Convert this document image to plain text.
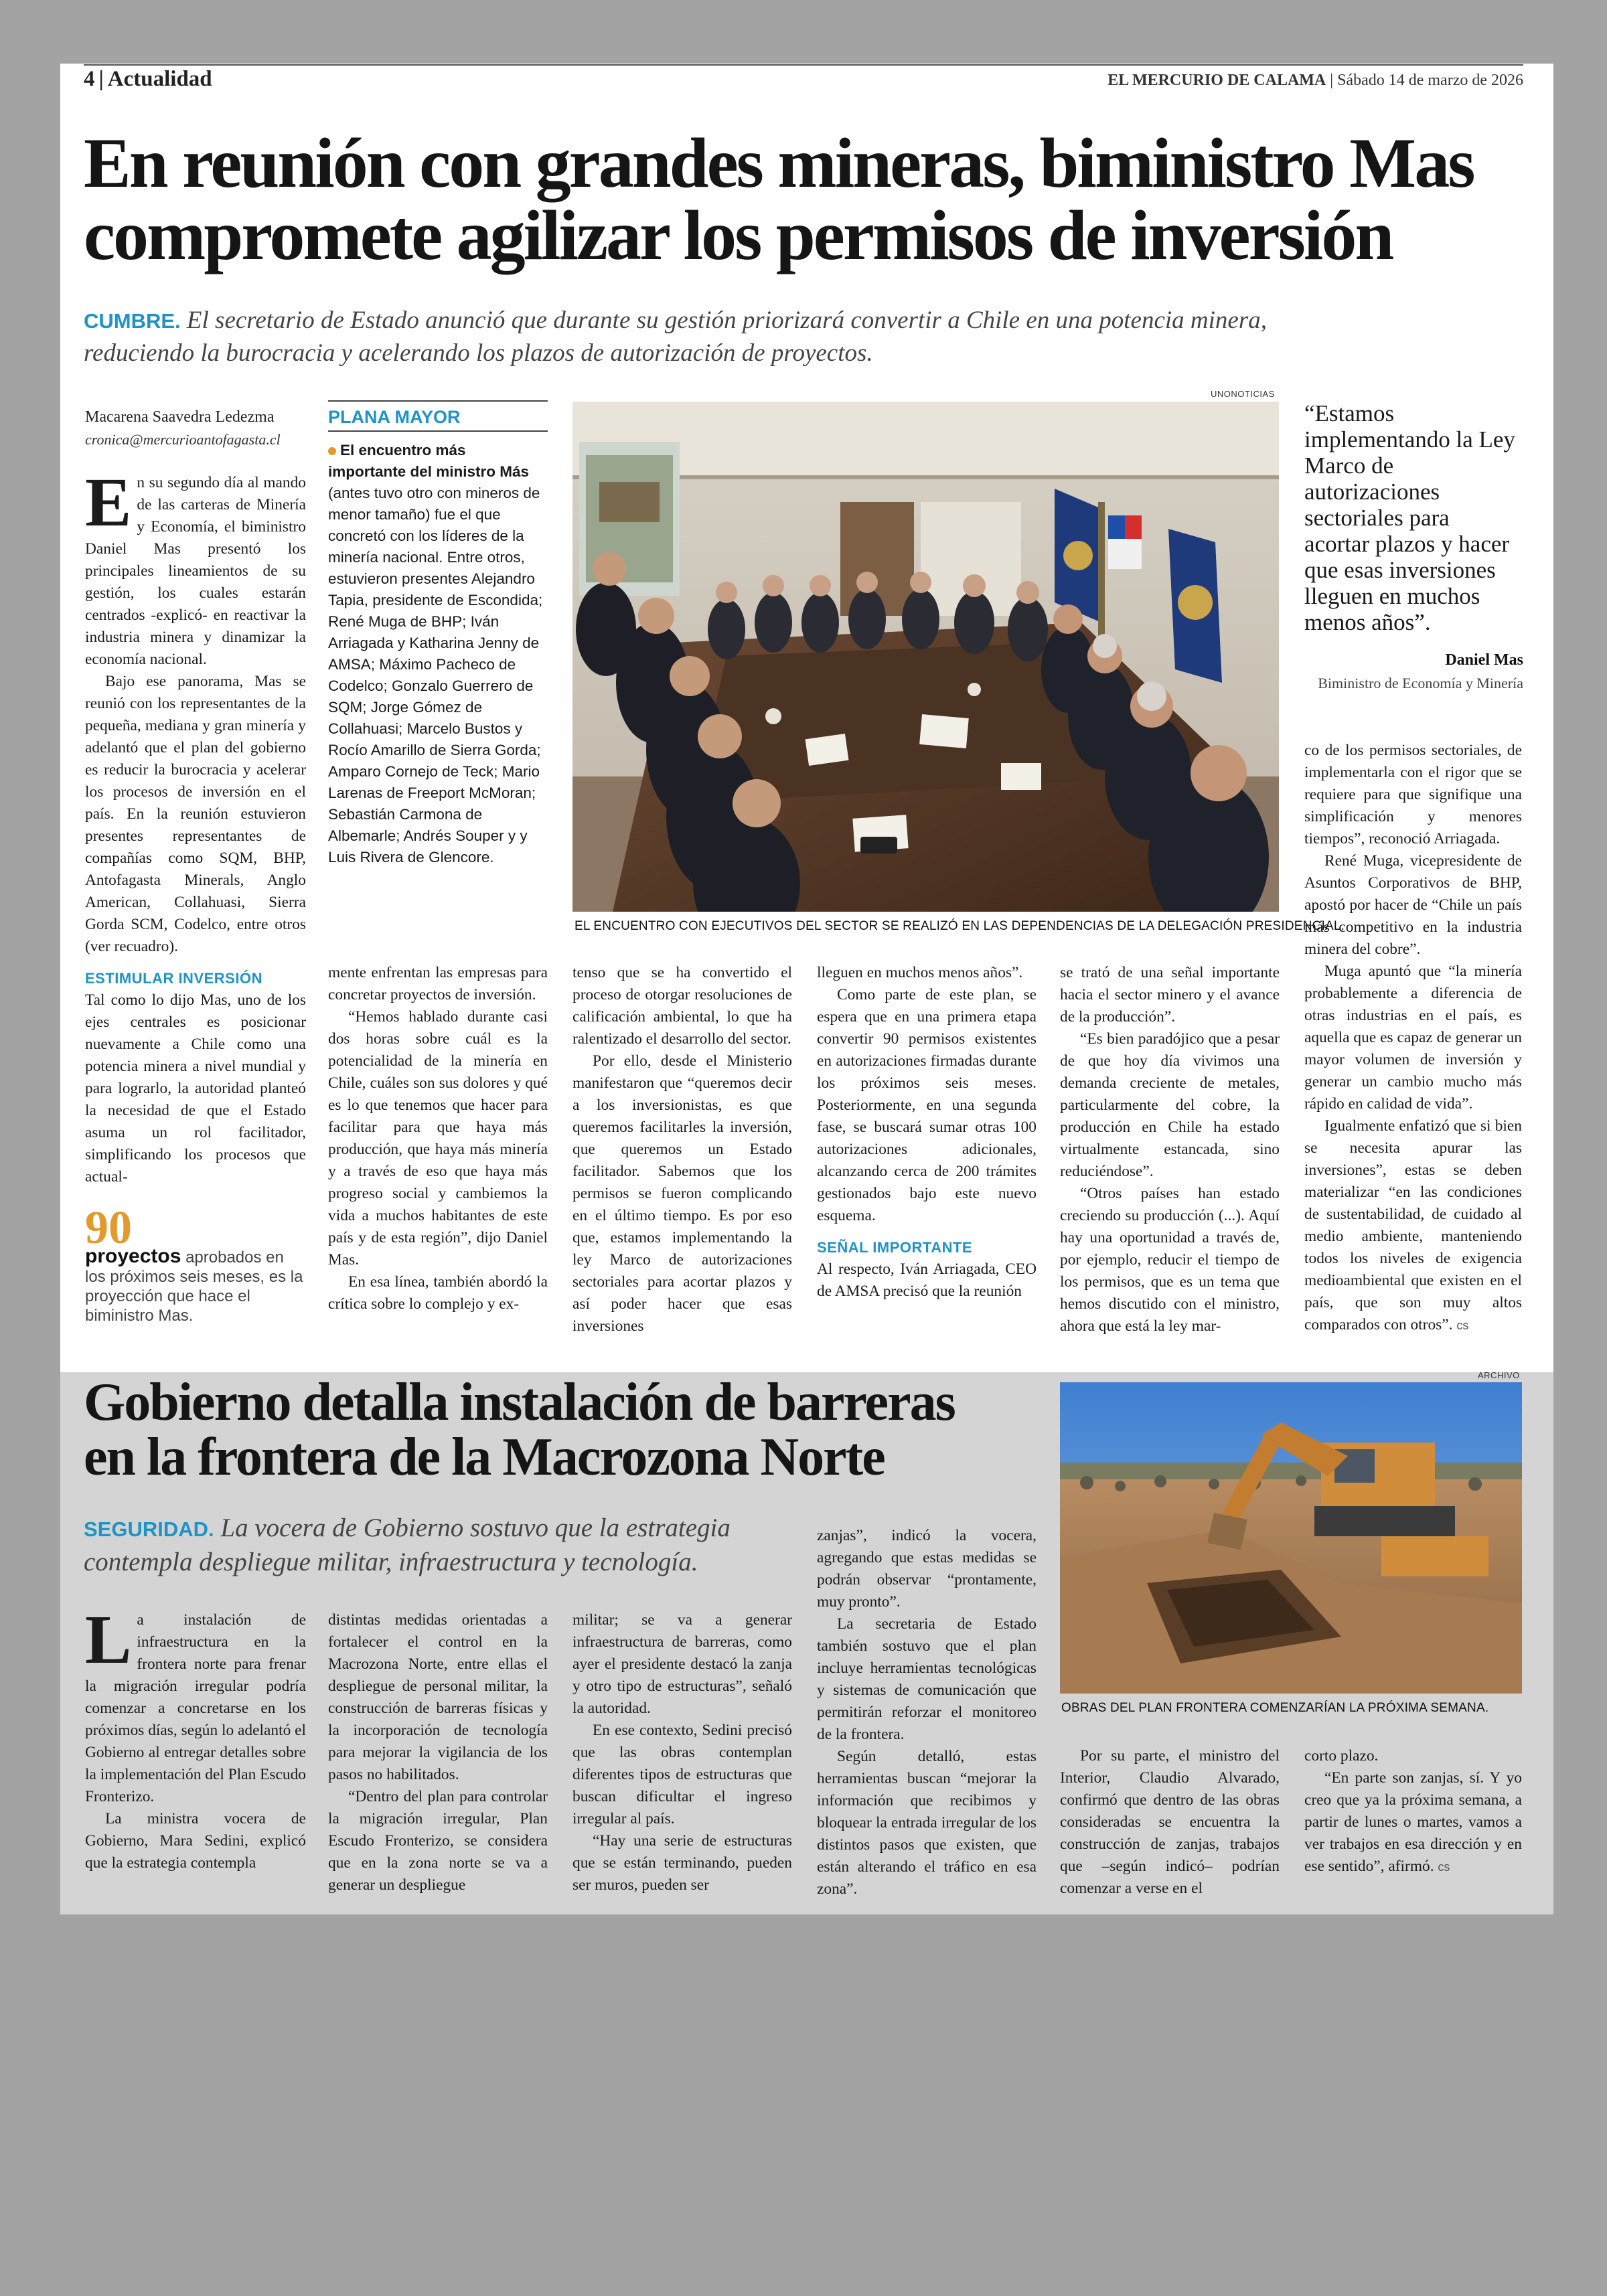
4 | Actualidad	EL MERCURIO DE CALAMA | Sábado 14 de marzo de 2026
En reunión con grandes mineras, biministro Mas
compromete agilizar los permisos de inversión
CUMBRE. El secretario de Estado anunció que durante su gestión priorizará convertir a Chile en una potencia minera,
reduciendo la burocracia y acelerando los plazos de autorización de proyectos.
Macarena Saavedra Ledezma
cronica@mercurioantofagasta.cl

En su segundo día al mando de las carteras de Minería y Economía, el biministro Daniel Mas presentó los principales lineamientos de su gestión, los cuales estarán centrados -explicó- en reactivar la industria minera y dinamizar la economía nacional.

Bajo ese panorama, Mas se reunió con los representantes de la pequeña, mediana y gran minería y adelantó que el plan del gobierno es reducir la burocracia y acelerar los procesos de inversión en el país. En la reunión estuvieron presentes representantes de compañías como SQM, BHP, Antofagasta Minerals, Anglo American, Collahuasi, Sierra Gorda SCM, Codelco, entre otros (ver recuadro).

ESTIMULAR INVERSIÓN

Tal como lo dijo Mas, uno de los ejes centrales es posicionar nuevamente a Chile como una potencia minera a nivel mundial y para lograrlo, la autoridad planteó la necesidad de que el Estado asuma un rol facilitador, simplificando los procesos que actual-

90
proyectos aprobados en los próximos seis meses, es la proyección que hace el biministro Mas.
PLANA MAYOR
El encuentro más importante del ministro Más (antes tuvo otro con mineros de menor tamaño) fue el que concretó con los líderes de la minería nacional. Entre otros, estuvieron presentes Alejandro Tapia, presidente de Escondida; René Muga de BHP; Iván Arriagada y Katharina Jenny de AMSA; Máximo Pacheco de Codelco; Gonzalo Guerrero de SQM; Jorge Gómez de Collahuasi; Marcelo Bustos y Rocío Amarillo de Sierra Gorda; Amparo Cornejo de Teck; Mario Larenas de Freeport McMoran; Sebastián Carmona de Albemarle; Andrés Souper y y Luis Rivera de Glencore.
UNONOTICIAS
EL ENCUENTRO CON EJECUTIVOS DEL SECTOR SE REALIZÓ EN LAS DEPENDENCIAS DE LA DELEGACIÓN PRESIDENCIAL.
“Estamos implementando la Ley Marco de autorizaciones sectoriales para acortar plazos y hacer que esas inversiones lleguen en muchos menos años”.
Daniel Mas
Biministro de Economía y Minería

mente enfrentan las empresas para concretar proyectos de inversión.

“Hemos hablado durante casi dos horas sobre cuál es la potencialidad de la minería en Chile, cuáles son sus dolores y qué es lo que tenemos que hacer para facilitar para que haya más producción, que haya más minería y a través de eso que haya más progreso social y cambiemos la vida a muchos habitantes de este país y de esta región”, dijo Daniel Mas.

En esa línea, también abordó la crítica sobre lo complejo y ex-

tenso que se ha convertido el proceso de otorgar resoluciones de calificación ambiental, lo que ha ralentizado el desarrollo del sector.

Por ello, desde el Ministerio manifestaron que “queremos decir a los inversionistas, es que queremos facilitarles la inversión, que queremos un Estado facilitador. Sabemos que los permisos se fueron complicando en el último tiempo. Es por eso que, estamos implementando la ley Marco de autorizaciones sectoriales para acortar plazos y así poder hacer que esas inversiones

lleguen en muchos menos años”.

Como parte de este plan, se espera que en una primera etapa convertir 90 permisos existentes en autorizaciones firmadas durante los próximos seis meses. Posteriormente, en una segunda fase, se buscará sumar otras 100 autorizaciones adicionales, alcanzando cerca de 200 trámites gestionados bajo este nuevo esquema.

SEÑAL IMPORTANTE

Al respecto, Iván Arriagada, CEO de AMSA precisó que la reunión

se trató de una señal importante hacia el sector minero y el avance de la producción”.

“Es bien paradójico que a pesar de que hoy día vivimos una demanda creciente de metales, particularmente del cobre, la producción en Chile ha estado virtualmente estancada, sino reduciéndose”.

“Otros países han estado creciendo su producción (...). Aquí hay una oportunidad a través de, por ejemplo, reducir el tiempo de los permisos, que es un tema que hemos discutido con el ministro, ahora que está la ley mar-

co de los permisos sectoriales, de implementarla con el rigor que se requiere para que signifique una simplificación y menores tiempos”, reconoció Arriagada.

René Muga, vicepresidente de Asuntos Corporativos de BHP, apostó por hacer de “Chile un país más competitivo en la industria minera del cobre”.

Muga apuntó que “la minería probablemente a diferencia de otras industrias en el país, es aquella que es capaz de generar un mayor volumen de inversión y generar un cambio mucho más rápido en calidad de vida”.

Igualmente enfatizó que si bien se necesita apurar las inversiones”, estas se deben materializar “en las condiciones de sustentabilidad, de cuidado al medio ambiente, manteniendo todos los niveles de exigencia medioambiental que existen en el país, que son muy altos comparados con otros”. cs

Gobierno detalla instalación de barreras
en la frontera de la Macrozona Norte
SEGURIDAD. La vocera de Gobierno sostuvo que la estrategia
contempla despliegue militar, infraestructura y tecnología.

La instalación de infraestructura en la frontera norte para frenar la migración irregular podría comenzar a concretarse en los próximos días, según lo adelantó el Gobierno al entregar detalles sobre la implementación del Plan Escudo Fronterizo.

La ministra vocera de Gobierno, Mara Sedini, explicó que la estrategia contempla

distintas medidas orientadas a fortalecer el control en la Macrozona Norte, entre ellas el despliegue de personal militar, la construcción de barreras físicas y la incorporación de tecnología para mejorar la vigilancia de los pasos no habilitados.

“Dentro del plan para controlar la migración irregular, Plan Escudo Fronterizo, se considera que en la zona norte se va a generar un despliegue

militar; se va a generar infraestructura de barreras, como ayer el presidente destacó la zanja y otro tipo de estructuras”, señaló la autoridad.

En ese contexto, Sedini precisó que las obras contemplan diferentes tipos de estructuras que buscan dificultar el ingreso irregular al país.

“Hay una serie de estructuras que se están terminando, pueden ser muros, pueden ser

zanjas”, indicó la vocera, agregando que estas medidas se podrán observar “prontamente, muy pronto”.

La secretaria de Estado también sostuvo que el plan incluye herramientas tecnológicas y sistemas de comunicación que permitirán reforzar el monitoreo de la frontera.

Según detalló, estas herramientas buscan “mejorar la información que recibimos y bloquear la entrada irregular de los distintos pasos que existen, que están alterando el tráfico en esa zona”.

ARCHIVO
OBRAS DEL PLAN FRONTERA COMENZARÍAN LA PRÓXIMA SEMANA.

Por su parte, el ministro del Interior, Claudio Alvarado, confirmó que dentro de las obras consideradas se encuentra la construcción de zanjas, trabajos que –según indicó– podrían comenzar a verse en el

corto plazo.

“En parte son zanjas, sí. Y yo creo que ya la próxima semana, a partir de lunes o martes, vamos a ver trabajos en esa dirección y en ese sentido”, afirmó. cs
